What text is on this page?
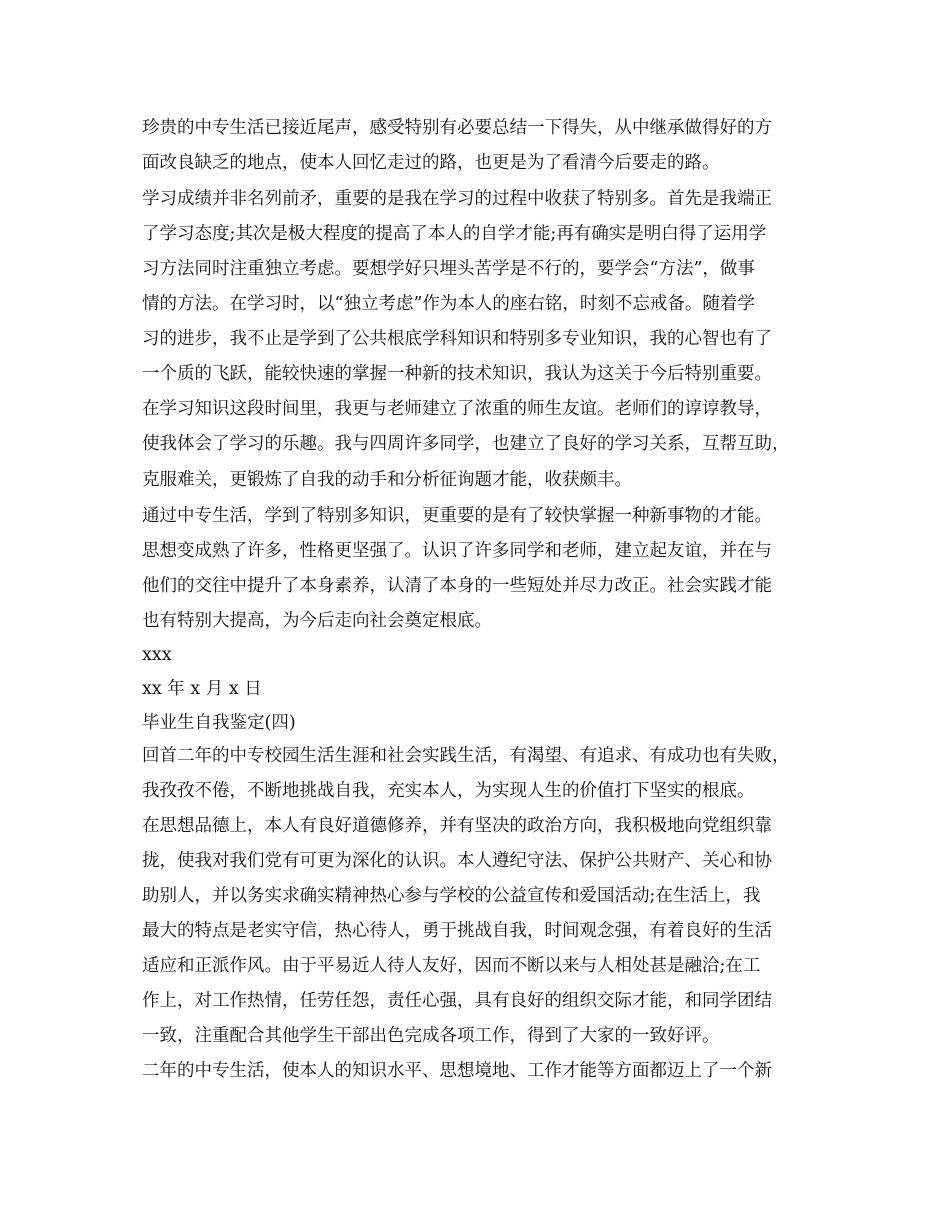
珍贵的中专生活已接近尾声，感受特别有必要总结一下得失，从中继承做得好的方
面改良缺乏的地点，使本人回忆走过的路，也更是为了看清今后要走的路。
学习成绩并非名列前矛，重要的是我在学习的过程中收获了特别多。首先是我端正
了学习态度;其次是极大程度的提高了本人的自学才能;再有确实是明白得了运用学
习方法同时注重独立考虑。要想学好只埋头苦学是不行的，要学会“方法”，做事
情的方法。在学习时，以“独立考虑”作为本人的座右铭，时刻不忘戒备。随着学
习的进步，我不止是学到了公共根底学科知识和特别多专业知识，我的心智也有了
一个质的飞跃，能较快速的掌握一种新的技术知识，我认为这关于今后特别重要。
在学习知识这段时间里，我更与老师建立了浓重的师生友谊。老师们的谆谆教导，
使我体会了学习的乐趣。我与四周许多同学，也建立了良好的学习关系，互帮互助，
克服难关，更锻炼了自我的动手和分析征询题才能，收获颇丰。
通过中专生活，学到了特别多知识，更重要的是有了较快掌握一种新事物的才能。
思想变成熟了许多，性格更坚强了。认识了许多同学和老师，建立起友谊，并在与
他们的交往中提升了本身素养，认清了本身的一些短处并尽力改正。社会实践才能
也有特别大提高，为今后走向社会奠定根底。
xxx
xx 年 x 月 x 日
毕业生自我鉴定(四)
回首二年的中专校园生活生涯和社会实践生活，有渴望、有追求、有成功也有失败，
我孜孜不倦，不断地挑战自我，充实本人，为实现人生的价值打下坚实的根底。
在思想品德上，本人有良好道德修养，并有坚决的政治方向，我积极地向党组织靠
拢，使我对我们党有可更为深化的认识。本人遵纪守法、保护公共财产、关心和协
助别人，并以务实求确实精神热心参与学校的公益宣传和爱国活动;在生活上，我
最大的特点是老实守信，热心待人，勇于挑战自我，时间观念强，有着良好的生活
适应和正派作风。由于平易近人待人友好，因而不断以来与人相处甚是融洽;在工
作上，对工作热情，任劳任怨，责任心强，具有良好的组织交际才能，和同学团结
一致，注重配合其他学生干部出色完成各项工作，得到了大家的一致好评。
二年的中专生活，使本人的知识水平、思想境地、工作才能等方面都迈上了一个新
